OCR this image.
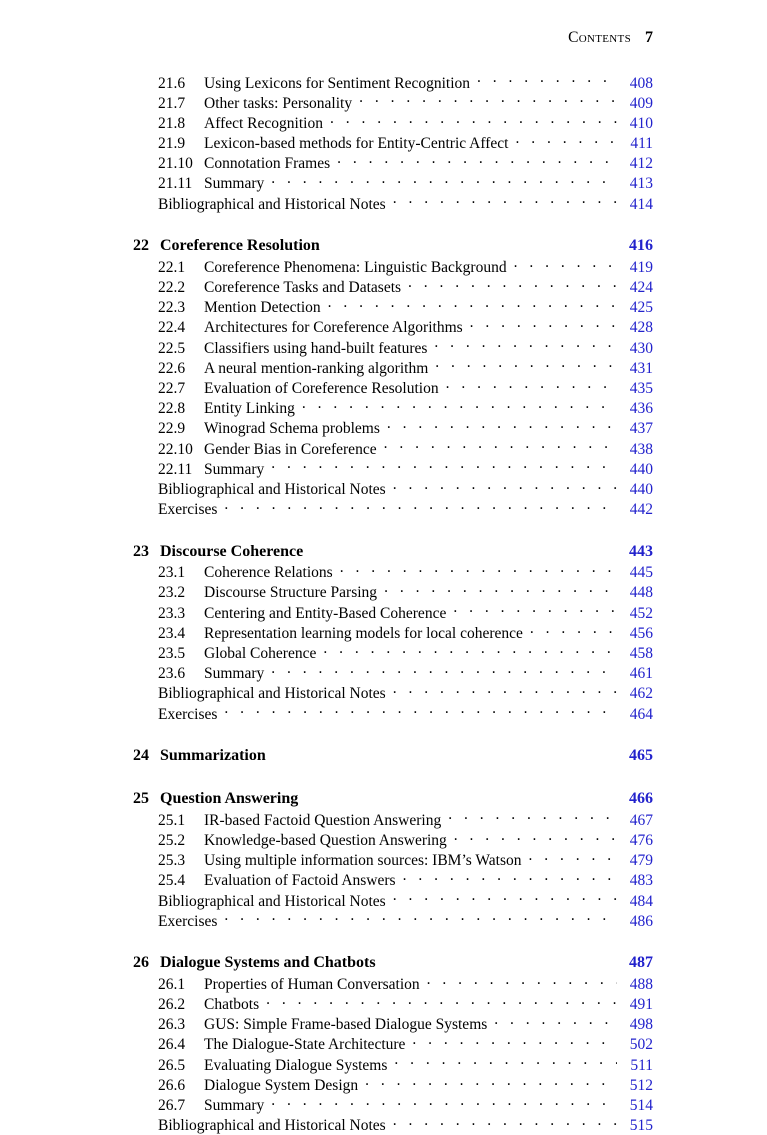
Contents 7
21.6	Using Lexicons for Sentiment Recognition . . .	408
21.7	Other tasks: Personality . . .	409
21.8	Affect Recognition . . .	410
21.9	Lexicon-based methods for Entity-Centric Affect . . .	411
21.10 Connotation Frames . . .	412
21.11 Summary . . .	413
Bibliographical and Historical Notes . . .	414
22 Coreference Resolution	416
22.1	Coreference Phenomena: Linguistic Background . . .	419
22.2	Coreference Tasks and Datasets . . .	424
22.3	Mention Detection . . .	425
22.4	Architectures for Coreference Algorithms . . .	428
22.5	Classifiers using hand-built features . . .	430
22.6	A neural mention-ranking algorithm . . .	431
22.7	Evaluation of Coreference Resolution . . .	435
22.8	Entity Linking . . .	436
22.9	Winograd Schema problems . . .	437
22.10 Gender Bias in Coreference . . .	438
22.11 Summary . . .	440
Bibliographical and Historical Notes . . .	440
Exercises . . .	442
23 Discourse Coherence	443
23.1	Coherence Relations . . .	445
23.2	Discourse Structure Parsing . . .	448
23.3	Centering and Entity-Based Coherence . . .	452
23.4	Representation learning models for local coherence . . .	456
23.5	Global Coherence . . .	458
23.6	Summary . . .	461
Bibliographical and Historical Notes . . .	462
Exercises . . .	464
24 Summarization	465
25 Question Answering	466
25.1	IR-based Factoid Question Answering . . .	467
25.2	Knowledge-based Question Answering . . .	476
25.3	Using multiple information sources: IBM’s Watson . . .	479
25.4	Evaluation of Factoid Answers . . .	483
Bibliographical and Historical Notes . . .	484
Exercises . . .	486
26 Dialogue Systems and Chatbots	487
26.1	Properties of Human Conversation . . .	488
26.2	Chatbots . . .	491
26.3	GUS: Simple Frame-based Dialogue Systems . . .	498
26.4	The Dialogue-State Architecture . . .	502
26.5	Evaluating Dialogue Systems . . .	511
26.6	Dialogue System Design . . .	512
26.7	Summary . . .	514
Bibliographical and Historical Notes . . .	515
